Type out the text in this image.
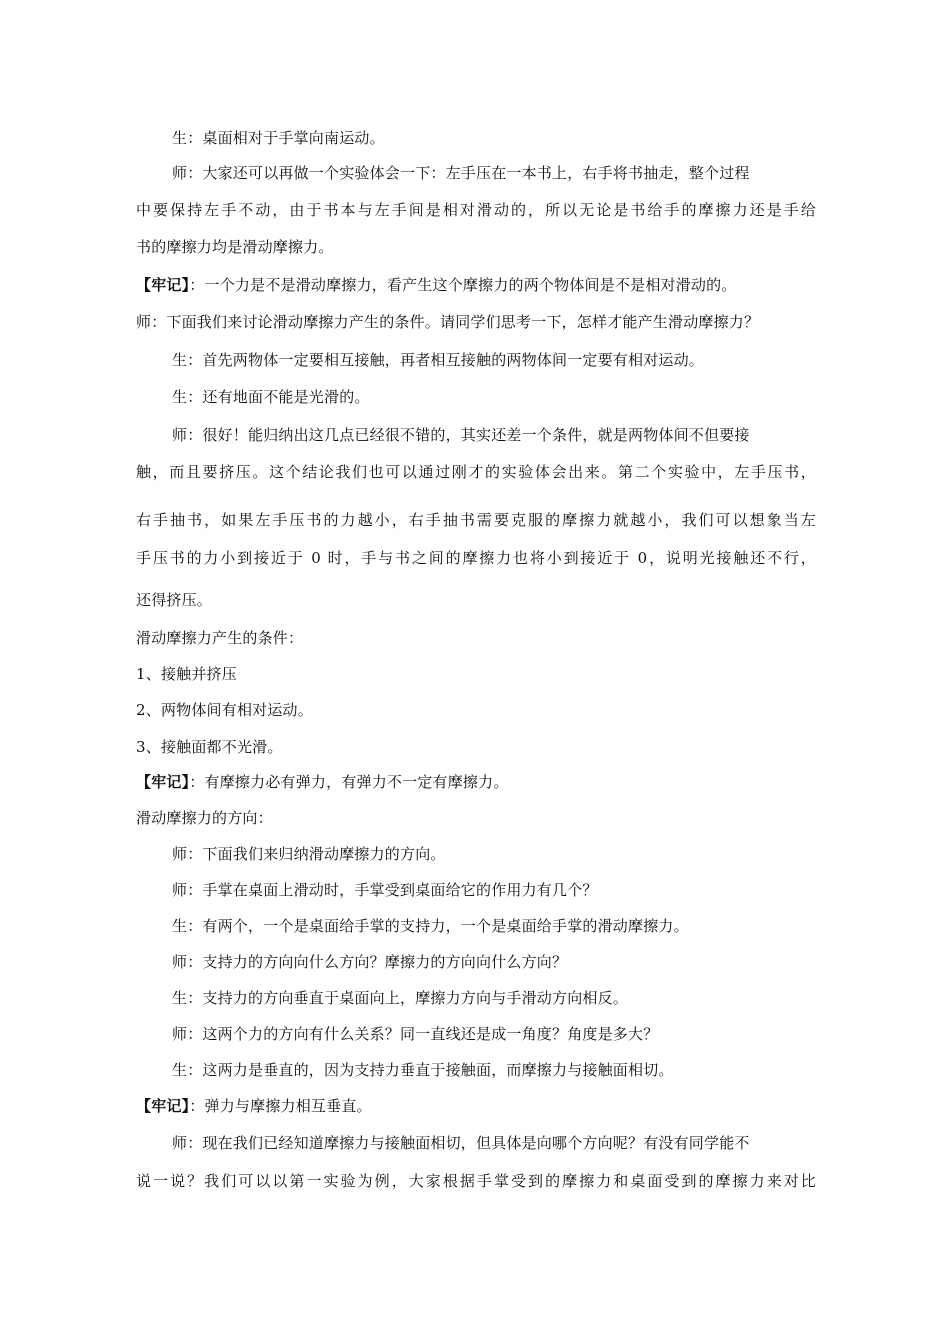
生：桌面相对于手掌向南运动。
师：大家还可以再做一个实验体会一下：左手压在一本书上，右手将书抽走，整个过程
中要保持左手不动，由于书本与左手间是相对滑动的，所以无论是书给手的摩擦力还是手给
书的摩擦力均是滑动摩擦力。
【牢记】：一个力是不是滑动摩擦力，看产生这个摩擦力的两个物体间是不是相对滑动的。
师：下面我们来讨论滑动摩擦力产生的条件。请同学们思考一下，怎样才能产生滑动摩擦力？
生：首先两物体一定要相互接触，再者相互接触的两物体间一定要有相对运动。
生：还有地面不能是光滑的。
师：很好！能归纳出这几点已经很不错的，其实还差一个条件，就是两物体间不但要接
触，而且要挤压。这个结论我们也可以通过刚才的实验体会出来。第二个实验中，左手压书，
右手抽书，如果左手压书的力越小，右手抽书需要克服的摩擦力就越小，我们可以想象当左
手压书的力小到接近于 0 时，手与书之间的摩擦力也将小到接近于 0，说明光接触还不行，
还得挤压。
滑动摩擦力产生的条件：
1、接触并挤压
2、两物体间有相对运动。
3、接触面都不光滑。
【牢记】：有摩擦力必有弹力，有弹力不一定有摩擦力。
滑动摩擦力的方向：
师：下面我们来归纳滑动摩擦力的方向。
师：手掌在桌面上滑动时，手掌受到桌面给它的作用力有几个？
生：有两个，一个是桌面给手掌的支持力，一个是桌面给手掌的滑动摩擦力。
师：支持力的方向向什么方向？摩擦力的方向向什么方向？
生：支持力的方向垂直于桌面向上，摩擦力方向与手滑动方向相反。
师：这两个力的方向有什么关系？同一直线还是成一角度？角度是多大？
生：这两力是垂直的，因为支持力垂直于接触面，而摩擦力与接触面相切。
【牢记】：弹力与摩擦力相互垂直。
师：现在我们已经知道摩擦力与接触面相切，但具体是向哪个方向呢？有没有同学能不
说一说？我们可以以第一实验为例，大家根据手掌受到的摩擦力和桌面受到的摩擦力来对比
